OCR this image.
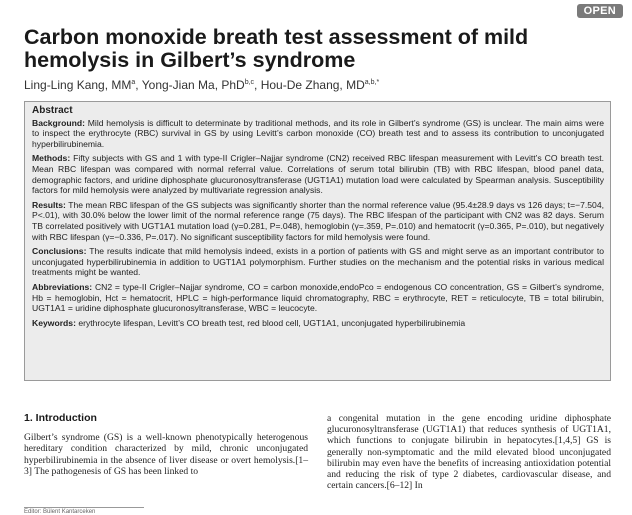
OPEN
Carbon monoxide breath test assessment of mild hemolysis in Gilbert’s syndrome
Ling-Ling Kang, $MM^a$, Yong-Jian Ma, PhD$^{b,c}$, Hou-De Zhang, $MD^{a,b,*}$
Abstract

Background: Mild hemolysis is difficult to determinate by traditional methods, and its role in Gilbert’s syndrome (GS) is unclear. The main aims were to inspect the erythrocyte (RBC) survival in GS by using Levitt’s carbon monoxide (CO) breath test and to assess its contribution to unconjugated hyperbilirubinemia.

Methods: Fifty subjects with GS and 1 with type-II Crigler–Najjar syndrome (CN2) received RBC lifespan measurement with Levitt’s CO breath test. Mean RBC lifespan was compared with normal referral value. Correlations of serum total bilirubin (TB) with RBC lifespan, blood panel data, demographic factors, and uridine diphosphate glucuronosyltransferase (UGT1A1) mutation load were calculated by Spearman analysis. Susceptibility factors for mild hemolysis were analyzed by multivariate regression analysis.

Results: The mean RBC lifespan of the GS subjects was significantly shorter than the normal reference value (95.4±28.9 days vs 126 days; t=−7.504, P<.01), with 30.0% below the lower limit of the normal reference range (75 days). The RBC lifespan of the participant with CN2 was 82 days. Serum TB correlated positively with UGT1A1 mutation load (γ=0.281, P=.048), hemoglobin (γ=.359, P=.010) and hematocrit (γ=0.365, P=.010), but negatively with RBC lifespan (γ=−0.336, P=.017). No significant susceptibility factors for mild hemolysis were found.

Conclusions: The results indicate that mild hemolysis indeed, exists in a portion of patients with GS and might serve as an important contributor to unconjugated hyperbilirubinemia in addition to UGT1A1 polymorphism. Further studies on the mechanism and the potential risks in various medical treatments might be wanted.

Abbreviations: CN2 = type-II Crigler–Najjar syndrome, CO = carbon monoxide,endoPco = endogenous CO concentration, GS = Gilbert’s syndrome, Hb = hemoglobin, Hct = hematocrit, HPLC = high-performance liquid chromatography, RBC = erythrocyte, RET = reticulocyte, TB = total bilirubin, UGT1A1 = uridine diphosphate glucuronosyltransferase, WBC = leucocyte.

Keywords: erythrocyte lifespan, Levitt’s CO breath test, red blood cell, UGT1A1, unconjugated hyperbilirubinemia

1. Introduction

Gilbert’s syndrome (GS) is a well-known phenotypically heterogenous hereditary condition characterized by mild, chronic unconjugated hyperbilirubinemia in the absence of liver disease or overt hemolysis.[1–3] The pathogenesis of GS has been linked to

a congenital mutation in the gene encoding uridine diphosphate glucuronosyltransferase (UGT1A1) that reduces synthesis of UGT1A1, which functions to conjugate bilirubin in hepatocytes.[1,4,5] GS is generally non-symptomatic and the mild elevated blood unconjugated bilirubin may even have the benefits of increasing antioxidation potential and reducing the risk of type 2 diabetes, cardiovascular disease, and certain cancers.[6–12] In

Editor: Bülent Kantarceken
